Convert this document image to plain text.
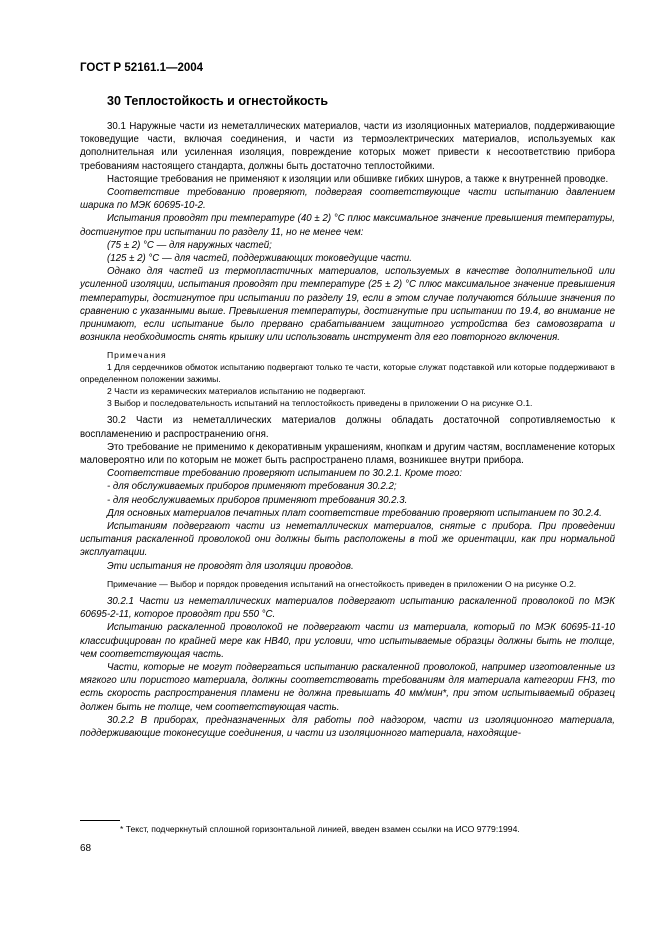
ГОСТ Р 52161.1—2004
30 Теплостойкость и огнестойкость

30.1 Наружные части из неметаллических материалов, части из изоляционных материалов, поддерживающие токоведущие части, включая соединения, и части из термоэлектрических материалов, используемых как дополнительная или усиленная изоляция, повреждение которых может привести к несоответствию прибора требованиям настоящего стандарта, должны быть достаточно теплостойкими.

Настоящие требования не применяют к изоляции или обшивке гибких шнуров, а также к внутренней проводке.

Соответствие требованию проверяют, подвергая соответствующие части испытанию давлением шарика по МЭК 60695-10-2.

Испытания проводят при температуре (40 ± 2) °С плюс максимальное значение превышения температуры, достигнутое при испытании по разделу 11, но не менее чем:

(75 ± 2) °С — для наружных частей;

(125 ± 2) °С — для частей, поддерживающих токоведущие части.

Однако для частей из термопластичных материалов, используемых в качестве дополнительной или усиленной изоляции, испытания проводят при температуре (25 ± 2) °С плюс максимальное значение превышения температуры, достигнутое при испытании по разделу 19, если в этом случае получаются бо́льшие значения по сравнению с указанными выше. Превышения температуры, достигнутые при испытании по 19.4, во внимание не принимают, если испытание было прервано срабатыванием защитного устройства без самовозврата и возникла необходимость снять крышку или использовать инструмент для его повторного включения.

Примечания

1 Для сердечников обмоток испытанию подвергают только те части, которые служат подставкой или которые поддерживают в определенном положении зажимы.

2 Части из керамических материалов испытанию не подвергают.

3 Выбор и последовательность испытаний на теплостойкость приведены в приложении О на рисунке О.1.

30.2 Части из неметаллических материалов должны обладать достаточной сопротивляемостью к воспламенению и распространению огня.

Это требование не применимо к декоративным украшениям, кнопкам и другим частям, воспламенение которых маловероятно или по которым не может быть распространено пламя, возникшее внутри прибора.

Соответствие требованию проверяют испытанием по 30.2.1. Кроме того:

- для обслуживаемых приборов применяют требования 30.2.2;

- для необслуживаемых приборов применяют требования 30.2.3.

Для основных материалов печатных плат соответствие требованию проверяют испытанием по 30.2.4.

Испытаниям подвергают части из неметаллических материалов, снятые с прибора. При проведении испытания раскаленной проволокой они должны быть расположены в той же ориентации, как при нормальной эксплуатации.

Эти испытания не проводят для изоляции проводов.

Примечание — Выбор и порядок проведения испытаний на огнестойкость приведен в приложении О на рисунке О.2.

30.2.1 Части из неметаллических материалов подвергают испытанию раскаленной проволокой по МЭК 60695-2-11, которое проводят при 550 °С.

Испытанию раскаленной проволокой не подвергают части из материала, который по МЭК 60695-11-10 классифицирован по крайней мере как НВ40, при условии, что испытываемые образцы должны быть не толще, чем соответствующая часть.

Части, которые не могут подвергаться испытанию раскаленной проволокой, например изготовленные из мягкого или пористого материала, должны соответствовать требованиям для материала категории FH3, то есть скорость распространения пламени не должна превышать 40 мм/мин*, при этом испытываемый образец должен быть не толще, чем соответствующая часть.

30.2.2 В приборах, предназначенных для работы под надзором, части из изоляционного материала, поддерживающие токонесущие соединения, и части из изоляционного материала, находящие-

* Текст, подчеркнутый сплошной горизонтальной линией, введен взамен ссылки на ИСО 9779:1994.
68
